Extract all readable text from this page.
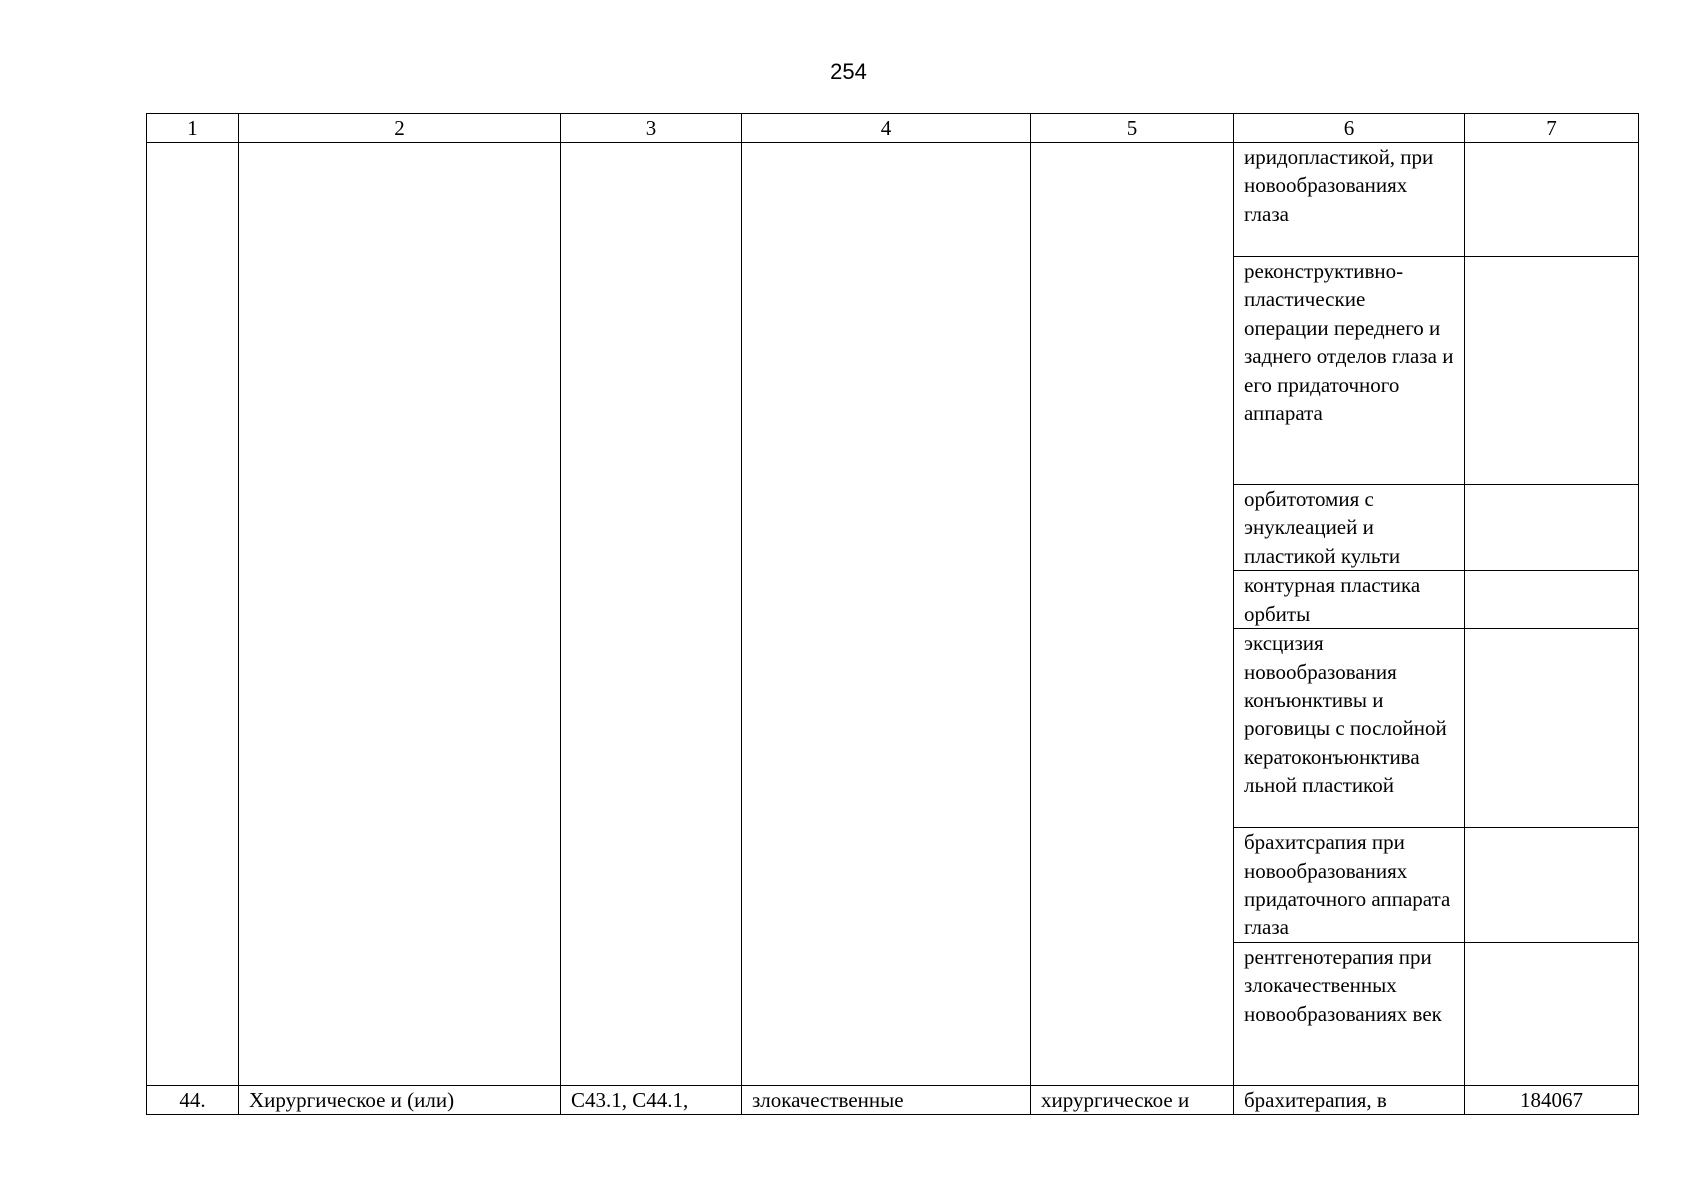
254
1	2	3	4	5	6	7
					иридопластикой, при новообразованиях глаза	
					реконструктивно-пластические операции переднего и заднего отделов глаза и его придаточного аппарата	
					орбитотомия с энуклеацией и пластикой культи	
					контурная пластика орбиты	
					эксцизия новообразования конъюнктивы и роговицы с послойной кератоконъюнктива льной пластикой	
					брахитсрапия при новообразованиях придаточного аппарата глаза	
					рентгенотерапия при злокачественных новообразованиях век	
44.	Хирургическое и (или)	C43.1, C44.1,	злокачественные	хирургическое и	брахитерапия, в	184067
